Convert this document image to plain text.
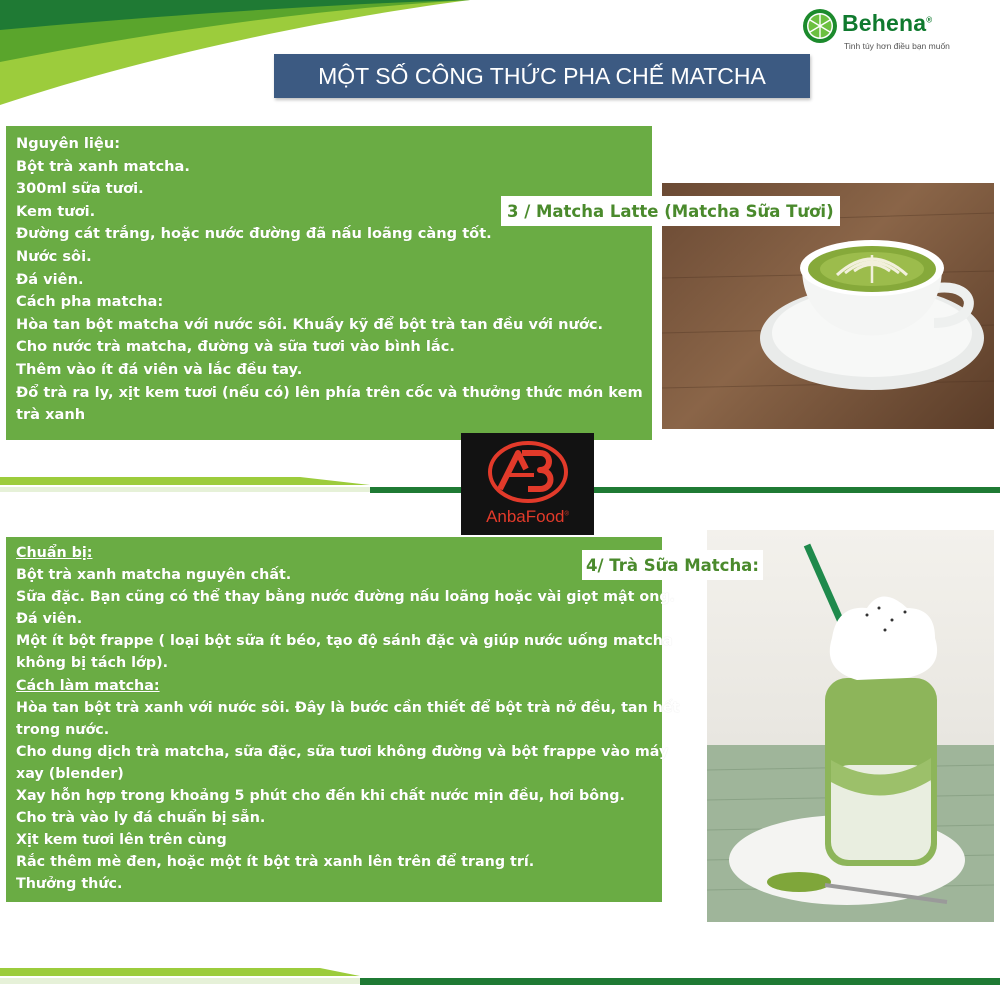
Behena®
Tinh túy hơn điều bạn muốn
MỘT SỐ CÔNG THỨC PHA CHẾ MATCHA
Nguyên liệu:
Bột trà xanh matcha.
300ml sữa tươi.
Kem tươi.
Đường cát trắng, hoặc nước đường đã nấu loãng càng tốt.
Nước sôi.
Đá viên.
Cách pha matcha:
Hòa tan bột matcha với nước sôi. Khuấy kỹ để bột trà tan đều với nước.
Cho nước trà matcha, đường và sữa tươi vào bình lắc.
Thêm vào ít đá viên và lắc đều tay.
Đổ trà ra ly, xịt kem tươi (nếu có) lên phía trên cốc và thưởng thức món kem
trà xanh
3 / Matcha Latte (Matcha Sữa Tươi)
AnbaFood®
Chuẩn bị:
Bột trà xanh matcha nguyên chất.
Sữa đặc. Bạn cũng có thể thay bằng nước đường nấu loãng hoặc vài giọt mật ong.
Đá viên.
Một ít bột frappe ( loại bột sữa ít béo, tạo độ sánh đặc và giúp nước uống matcha
không bị tách lớp).
Cách làm matcha:
Hòa tan bột trà xanh với nước sôi. Đây là bước cần thiết để bột trà nở đều, tan hết
trong nước.
Cho dung dịch trà matcha, sữa đặc, sữa tươi không đường và bột frappe vào máy
xay (blender)
Xay hỗn hợp trong khoảng 5 phút cho đến khi chất nước mịn đều, hơi bông.
Cho trà vào ly đá chuẩn bị sẵn.
Xịt kem tươi lên trên cùng
Rắc thêm mè đen, hoặc một ít bột trà xanh lên trên để trang trí.
Thưởng thức.
4/ Trà Sữa Matcha:
